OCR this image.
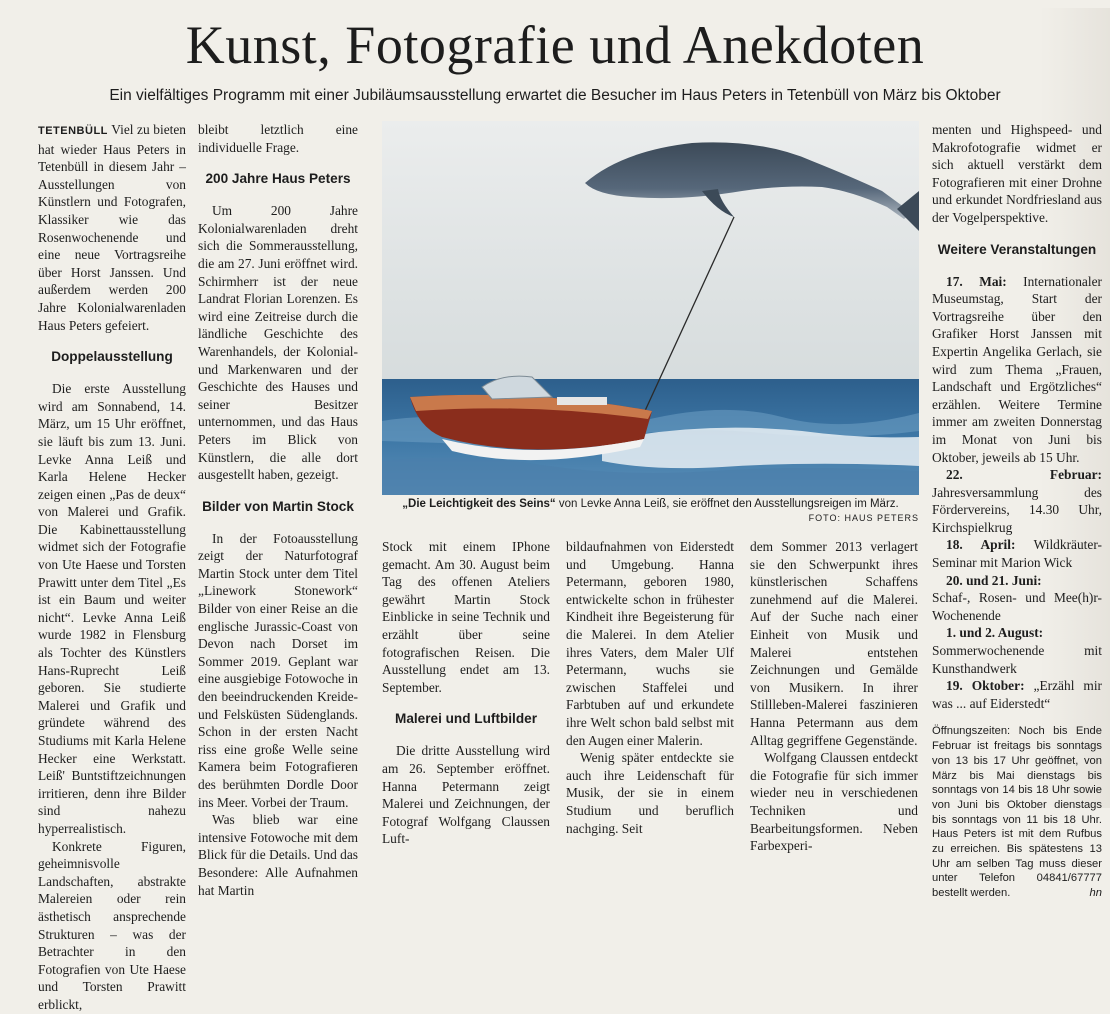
Kunst, Fotografie und Anekdoten
Ein vielfältiges Programm mit einer Jubiläumsausstellung erwartet die Besucher im Haus Peters in Tetenbüll von März bis Oktober

TETENBÜLL Viel zu bieten hat wieder Haus Peters in Tetenbüll in diesem Jahr – Ausstellungen von Künstlern und Fotografen, Klassiker wie das Rosenwochenende und eine neue Vortragsreihe über Horst Janssen. Und außerdem werden 200 Jahre Kolonialwarenladen Haus Peters gefeiert.

Doppelausstellung

Die erste Ausstellung wird am Sonnabend, 14. März, um 15 Uhr eröffnet, sie läuft bis zum 13. Juni. Levke Anna Leiß und Karla Helene Hecker zeigen einen „Pas de deux“ von Malerei und Grafik. Die Kabinettausstellung widmet sich der Fotografie von Ute Haese und Torsten Prawitt unter dem Titel „Es ist ein Baum und weiter nicht“. Levke Anna Leiß wurde 1982 in Flensburg als Tochter des Künstlers Hans-Ruprecht Leiß geboren. Sie studierte Malerei und Grafik und gründete während des Studiums mit Karla Helene Hecker eine Werkstatt. Leiß' Buntstiftzeichnungen irritieren, denn ihre Bilder sind nahezu hyperrealistisch.

Konkrete Figuren, geheimnisvolle Landschaften, abstrakte Malereien oder rein ästhetisch ansprechende Strukturen – was der Betrachter in den Fotografien von Ute Haese und Torsten Prawitt erblickt,

bleibt letztlich eine individuelle Frage.

200 Jahre Haus Peters

Um 200 Jahre Kolonialwarenladen dreht sich die Sommerausstellung, die am 27. Juni eröffnet wird. Schirmherr ist der neue Landrat Florian Lorenzen. Es wird eine Zeitreise durch die ländliche Geschichte des Warenhandels, der Kolonial- und Markenwaren und der Geschichte des Hauses und seiner Besitzer unternommen, und das Haus Peters im Blick von Künstlern, die alle dort ausgestellt haben, gezeigt.

Bilder von Martin Stock

In der Fotoausstellung zeigt der Naturfotograf Martin Stock unter dem Titel „Linework Stonework“ Bilder von einer Reise an die englische Jurassic-Coast von Devon nach Dorset im Sommer 2019. Geplant war eine ausgiebige Fotowoche in den beeindruckenden Kreide- und Felsküsten Südenglands. Schon in der ersten Nacht riss eine große Welle seine Kamera beim Fotografieren des berühmten Dordle Door ins Meer. Vorbei der Traum.

Was blieb war eine intensive Fotowoche mit dem Blick für die Details. Und das Besondere: Alle Aufnahmen hat Martin

„Die Leichtigkeit des Seins“ von Levke Anna Leiß, sie eröffnet den Ausstellungsreigen im März.
FOTO: HAUS PETERS

Stock mit einem IPhone gemacht. Am 30. August beim Tag des offenen Ateliers gewährt Martin Stock Einblicke in seine Technik und erzählt über seine fotografischen Reisen. Die Ausstellung endet am 13. September.

Malerei und Luftbilder

Die dritte Ausstellung wird am 26. September eröffnet. Hanna Petermann zeigt Malerei und Zeichnungen, der Fotograf Wolfgang Claussen Luft-

bildaufnahmen von Eiderstedt und Umgebung. Hanna Petermann, geboren 1980, entwickelte schon in frühester Kindheit ihre Begeisterung für die Malerei. In dem Atelier ihres Vaters, dem Maler Ulf Petermann, wuchs sie zwischen Staffelei und Farbtuben auf und erkundete ihre Welt schon bald selbst mit den Augen einer Malerin.

Wenig später entdeckte sie auch ihre Leidenschaft für Musik, der sie in einem Studium und beruflich nachging. Seit

dem Sommer 2013 verlagert sie den Schwerpunkt ihres künstlerischen Schaffens zunehmend auf die Malerei. Auf der Suche nach einer Einheit von Musik und Malerei entstehen Zeichnungen und Gemälde von Musikern. In ihrer Stillleben-Malerei faszinieren Hanna Petermann aus dem Alltag gegriffene Gegenstände.

Wolfgang Claussen entdeckt die Fotografie für sich immer wieder neu in verschiedenen Techniken und Bearbeitungsformen. Neben Farbexperi-

menten und Highspeed- und Makrofotografie widmet er sich aktuell verstärkt dem Fotografieren mit einer Drohne und erkundet Nordfriesland aus der Vogelperspektive.

Weitere Veranstaltungen

17. Mai: Internationaler Museumstag, Start der Vortragsreihe über den Grafiker Horst Janssen mit Expertin Angelika Gerlach, sie wird zum Thema „Frauen, Landschaft und Ergötzliches“ erzählen. Weitere Termine immer am zweiten Donnerstag im Monat von Juni bis Oktober, jeweils ab 15 Uhr.

22. Februar: Jahresversammlung des Fördervereins, 14.30 Uhr, Kirchspielkrug

18. April: Wildkräuter-Seminar mit Marion Wick

20. und 21. Juni:
Schaf-, Rosen- und Mee(h)r-Wochenende

1. und 2. August:
Sommerwochenende mit Kunsthandwerk

19. Oktober: „Erzähl mir was ... auf Eiderstedt“

Öffnungszeiten: Noch bis Ende Februar ist freitags bis sonntags von 13 bis 17 Uhr geöffnet, von März bis Mai dienstags bis sonntags von 14 bis 18 Uhr sowie von Juni bis Oktober dienstags bis sonntags von 11 bis 18 Uhr. Haus Peters ist mit dem Rufbus zu erreichen. Bis spätestens 13 Uhr am selben Tag muss dieser unter Telefon 04841/67777 bestellt werden.	hn
